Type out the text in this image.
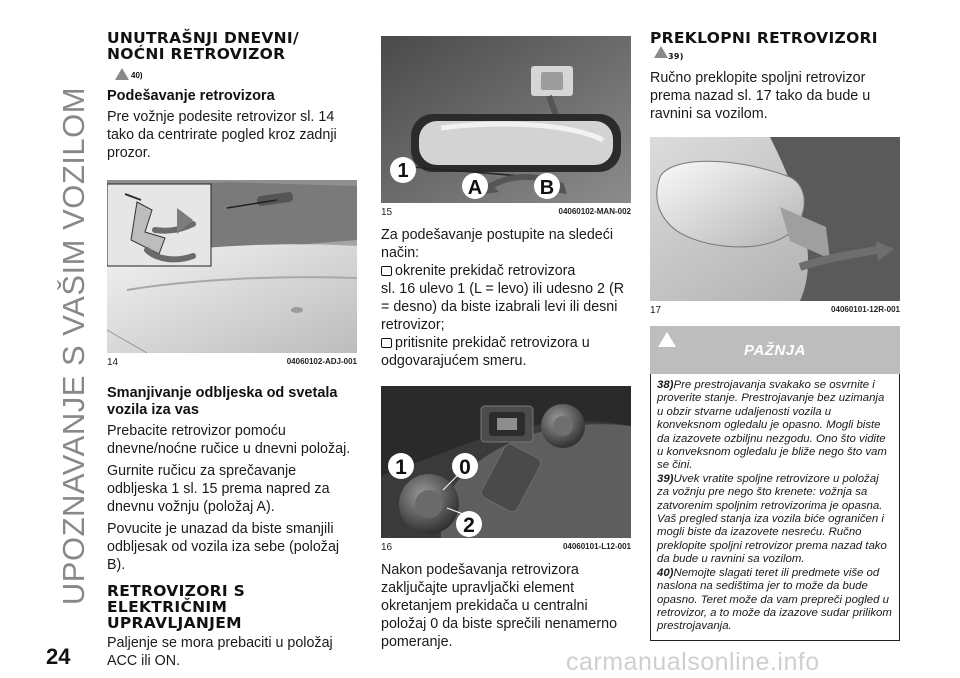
UPOZNAVANJE S VAŠIM VOZILOM
UNUTRAŠNJI DNEVNI/ NOĆNI RETROVIZOR
40)
Podešavanje retrovizora
Pre vožnje podesite retrovizor sl. 14 tako da centrirate pogled kroz zadnji prozor.
14	04060102-ADJ-001
Smanjivanje odbljeska od svetala vozila iza vas
Prebacite retrovizor pomoću dnevne/noćne ručice u dnevni položaj.
Gurnite ručicu za sprečavanje odbljeska 1 sl. 15 prema napred za dnevnu vožnju (položaj A).
Povucite je unazad da biste smanjili odbljesak od vozila iza sebe (položaj B).
RETROVIZORI S ELEKTRIČNIM UPRAVLJANJEM
Paljenje se mora prebaciti u položaj ACC ili ON.
1
A	B
15	04060102-MAN-002
Za podešavanje postupite na sledeći način:
okrenite prekidač retrovizora
sl. 16 ulevo 1 (L = levo) ili udesno 2 (R = desno) da biste izabrali levi ili desni retrovizor;
pritisnite prekidač retrovizora u odgovarajućem smeru.
1 0
2
16	04060101-L12-001
Nakon podešavanja retrovizora zaključajte upravljački element okretanjem prekidača u centralni položaj 0 da biste sprečili nenamerno pomeranje.
PREKLOPNI RETROVIZORI 39)
Ručno preklopite spoljni retrovizor prema nazad sl. 17 tako da bude u ravnini sa vozilom.
17	04060101-12R-001
PAŽNJA

38)Pre prestrojavanja svakako se osvrnite i proverite stanje. Prestrojavanje bez uzimanja u obzir stvarne udaljenosti vozila u konveksnom ogledalu je opasno. Mogli biste da izazovete ozbiljnu nezgodu. Ono što vidite u konveksnom ogledalu je bliže nego što vam se čini.

39)Uvek vratite spoljne retrovizore u položaj za vožnju pre nego što krenete: vožnja sa zatvorenim spoljnim retrovizorima je opasna. Vaš pregled stanja iza vozila biće ograničen i mogli biste da izazovete nesreću. Ručno preklopite spoljni retrovizor prema nazad tako da bude u ravnini sa vozilom.

40)Nemojte slagati teret ili predmete više od naslona na sedištima jer to može da bude opasno. Teret može da vam prepreči pogled u retrovizor, a to može da izazove sudar prilikom prestrojavanja.

24	carmanualsonline.info
